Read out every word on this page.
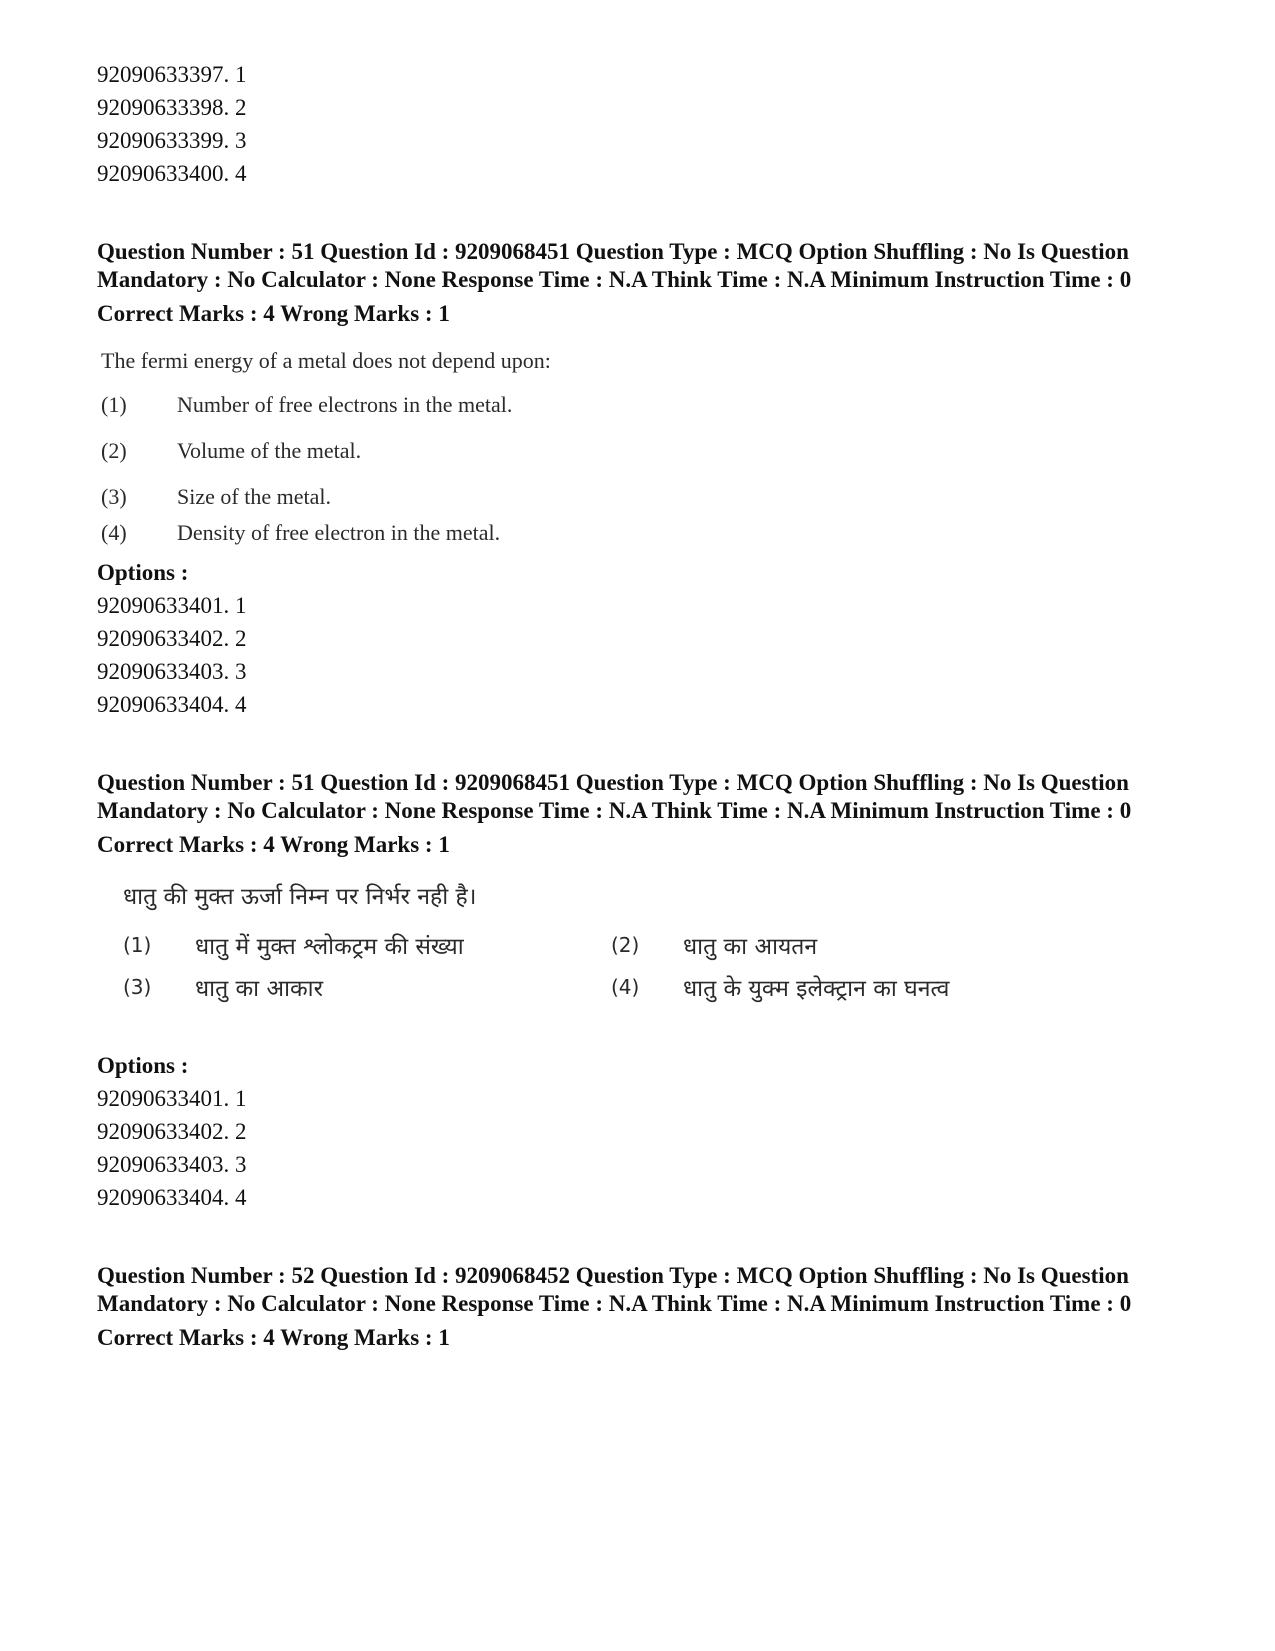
92090633397. 1

92090633398. 2

92090633399. 3

92090633400. 4

Question Number : 51 Question Id : 9209068451 Question Type : MCQ Option Shuffling : No Is Question Mandatory : No Calculator : None Response Time : N.A Think Time : N.A Minimum Instruction Time : 0

Correct Marks : 4 Wrong Marks : 1

The fermi energy of a metal does not depend upon:
(1)	Number of free electrons in the metal.
(2)	Volume of the metal.
(3)	Size of the metal.
(4)	Density of free electron in the metal.

Options :

92090633401. 1

92090633402. 2

92090633403. 3

92090633404. 4

Question Number : 51 Question Id : 9209068451 Question Type : MCQ Option Shuffling : No Is Question Mandatory : No Calculator : None Response Time : N.A Think Time : N.A Minimum Instruction Time : 0

Correct Marks : 4 Wrong Marks : 1

धातु की मुक्त ऊर्जा निम्न पर निर्भर नही है।
(1)	धातु में मुक्त श्लोकट्रम की संख्या	(2)	धातु का आयतन
(3)	धातु का आकार	(4)	धातु के युक्म इलेक्ट्रान का घनत्व

Options :

92090633401. 1

92090633402. 2

92090633403. 3

92090633404. 4

Question Number : 52 Question Id : 9209068452 Question Type : MCQ Option Shuffling : No Is Question Mandatory : No Calculator : None Response Time : N.A Think Time : N.A Minimum Instruction Time : 0

Correct Marks : 4 Wrong Marks : 1
